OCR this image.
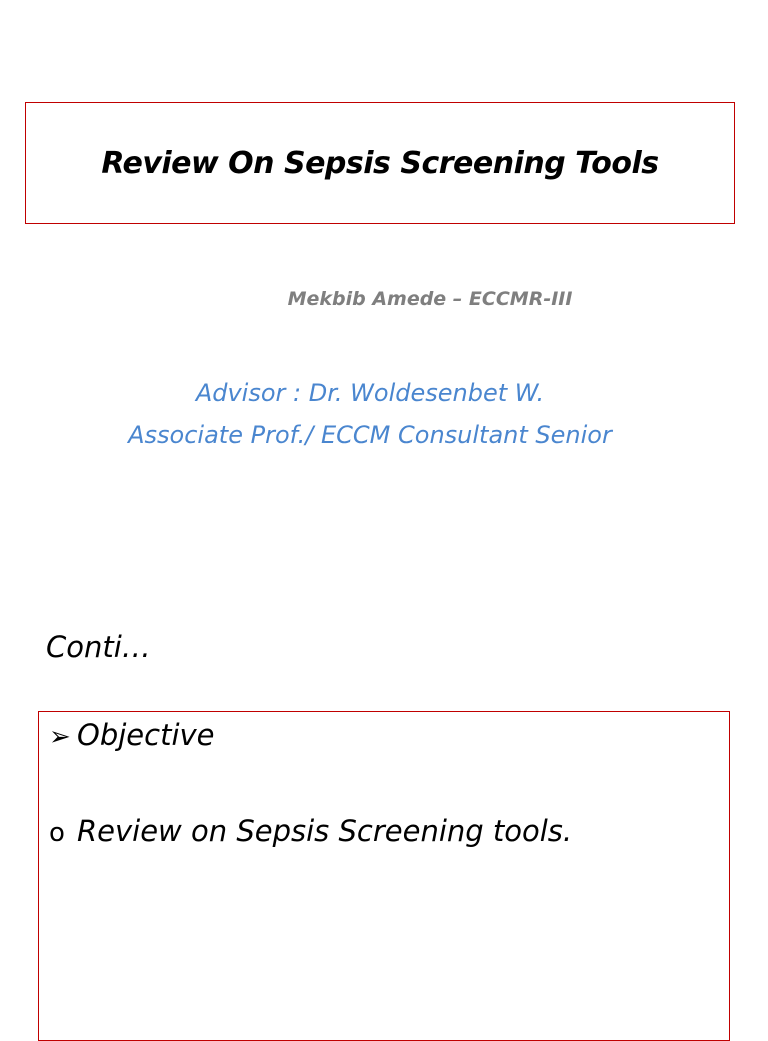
Review On Sepsis Screening Tools
Mekbib Amede – ECCMR-III
Advisor : Dr. Woldesenbet W.
Associate Prof./ ECCM Consultant Senior
Conti…
➢ Objective
o Review on Sepsis Screening tools.
